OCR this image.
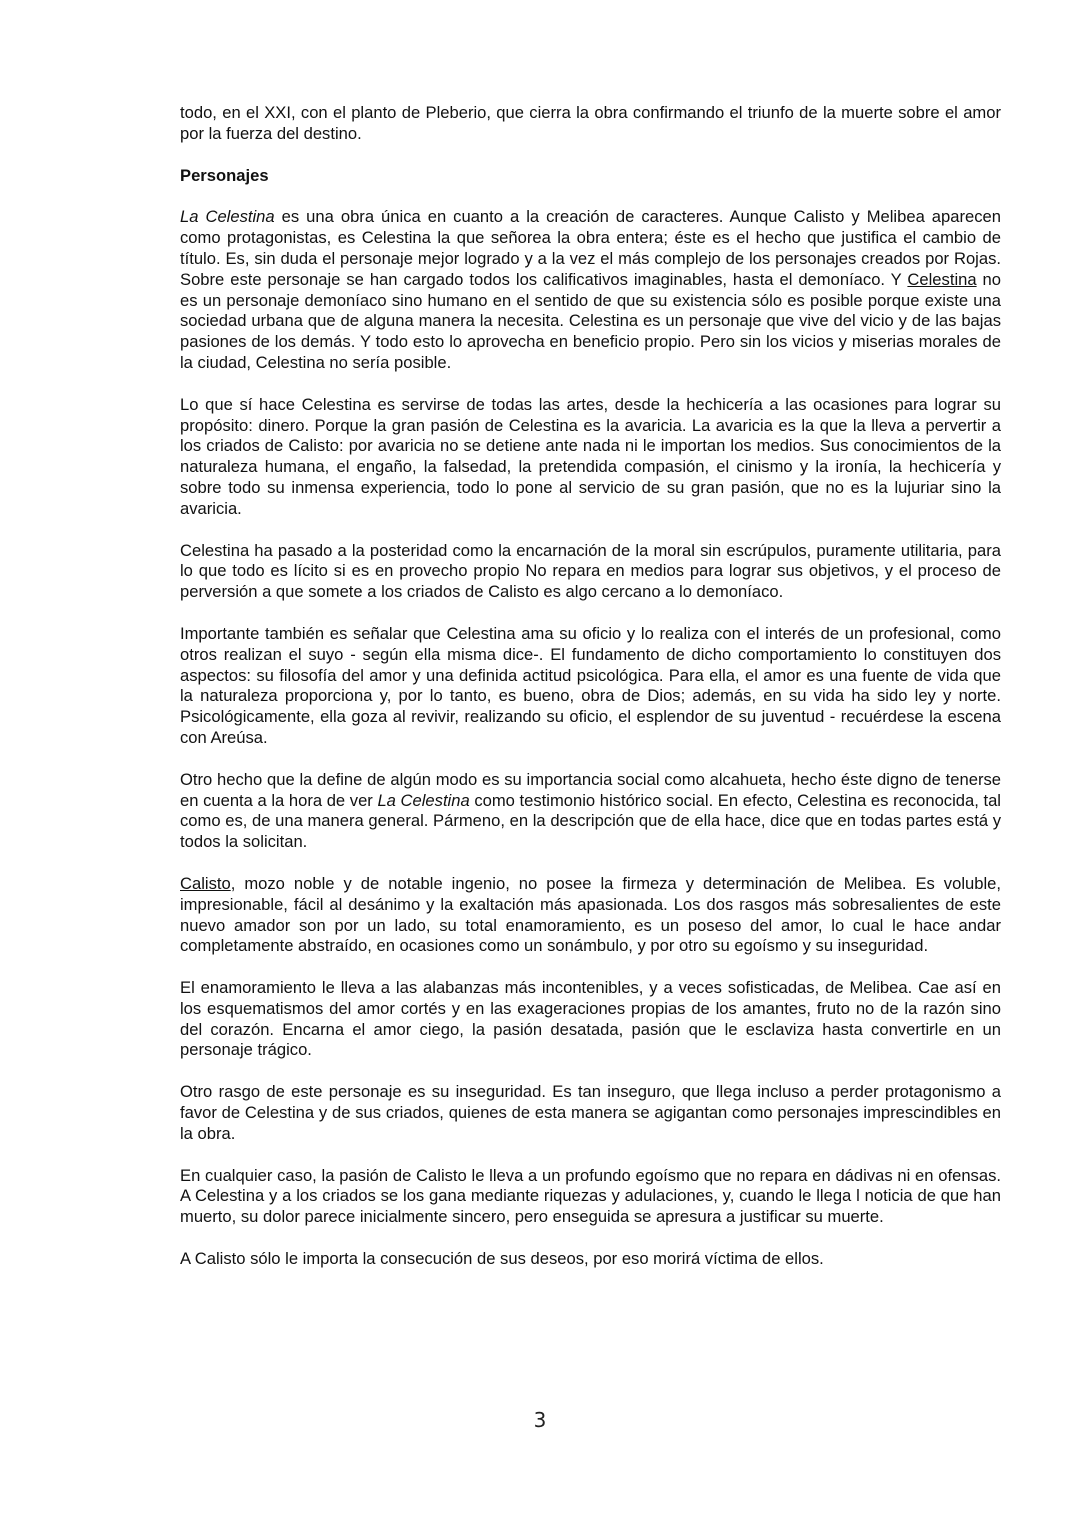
todo, en el XXI, con el planto de Pleberio, que cierra la obra confirmando el triunfo de la muerte sobre el amor por la fuerza del destino.

Personajes

La Celestina es una obra única en cuanto a la creación de caracteres. Aunque Calisto y Melibea aparecen como protagonistas, es Celestina la que señorea la obra entera; éste es el hecho que justifica el cambio de título. Es, sin duda el personaje mejor logrado y a la vez el más complejo de los personajes creados por Rojas. Sobre este personaje se han cargado todos los calificativos imaginables, hasta el demoníaco. Y Celestina no es un personaje demoníaco sino humano en el sentido de que su existencia sólo es posible porque existe una sociedad urbana que de alguna manera la necesita. Celestina es un personaje que vive del vicio y de las bajas pasiones de los demás. Y todo esto lo aprovecha en beneficio propio. Pero sin los vicios y miserias morales de la ciudad, Celestina no sería posible.

Lo que sí hace Celestina es servirse de todas las artes, desde la hechicería a las ocasiones para lograr su propósito: dinero. Porque la gran pasión de Celestina es la avaricia. La avaricia es la que la lleva a pervertir a los criados de Calisto: por avaricia no se detiene ante nada ni le importan los medios. Sus conocimientos de la naturaleza humana, el engaño, la falsedad, la pretendida compasión, el cinismo y la ironía, la hechicería y sobre todo su inmensa experiencia, todo lo pone al servicio de su gran pasión, que no es la lujuriar sino la avaricia.

Celestina ha pasado a la posteridad como la encarnación de la moral sin escrúpulos, puramente utilitaria, para lo que todo es lícito si es en provecho propio No repara en medios para lograr sus objetivos, y el proceso de perversión a que somete a los criados de Calisto es algo cercano a lo demoníaco.

Importante también es señalar que Celestina ama su oficio y lo realiza con el interés de un profesional, como otros realizan el suyo - según ella misma dice-. El fundamento de dicho comportamiento lo constituyen dos aspectos: su filosofía del amor y una definida actitud psicológica. Para ella, el amor es una fuente de vida que la naturaleza proporciona y, por lo tanto, es bueno, obra de Dios; además, en su vida ha sido ley y norte. Psicológicamente, ella goza al revivir, realizando su oficio, el esplendor de su juventud - recuérdese la escena con Areúsa.

Otro hecho que la define de algún modo es su importancia social como alcahueta, hecho éste digno de tenerse en cuenta a la hora de ver La Celestina como testimonio histórico social. En efecto, Celestina es reconocida, tal como es, de una manera general. Pármeno, en la descripción que de ella hace, dice que en todas partes está y todos la solicitan.

Calisto, mozo noble y de notable ingenio, no posee la firmeza y determinación de Melibea. Es voluble, impresionable, fácil al desánimo y la exaltación más apasionada. Los dos rasgos más sobresalientes de este nuevo amador son por un lado, su total enamoramiento, es un poseso del amor, lo cual le hace andar completamente abstraído, en ocasiones como un sonámbulo, y por otro su egoísmo y su inseguridad.

El enamoramiento le lleva a las alabanzas más incontenibles, y a veces sofisticadas, de Melibea. Cae así en los esquematismos del amor cortés y en las exageraciones propias de los amantes, fruto no de la razón sino del corazón. Encarna el amor ciego, la pasión desatada, pasión que le esclaviza hasta convertirle en un personaje trágico.

Otro rasgo de este personaje es su inseguridad. Es tan inseguro, que llega incluso a perder protagonismo a favor de Celestina y de sus criados, quienes de esta manera se agigantan como personajes imprescindibles en la obra.

En cualquier caso, la pasión de Calisto le lleva a un profundo egoísmo que no repara en dádivas ni en ofensas. A Celestina y a los criados se los gana mediante riquezas y adulaciones, y, cuando le llega l noticia de que han muerto, su dolor parece inicialmente sincero, pero enseguida se apresura a justificar su muerte.

A Calisto sólo le importa la consecución de sus deseos, por eso morirá víctima de ellos.

3
